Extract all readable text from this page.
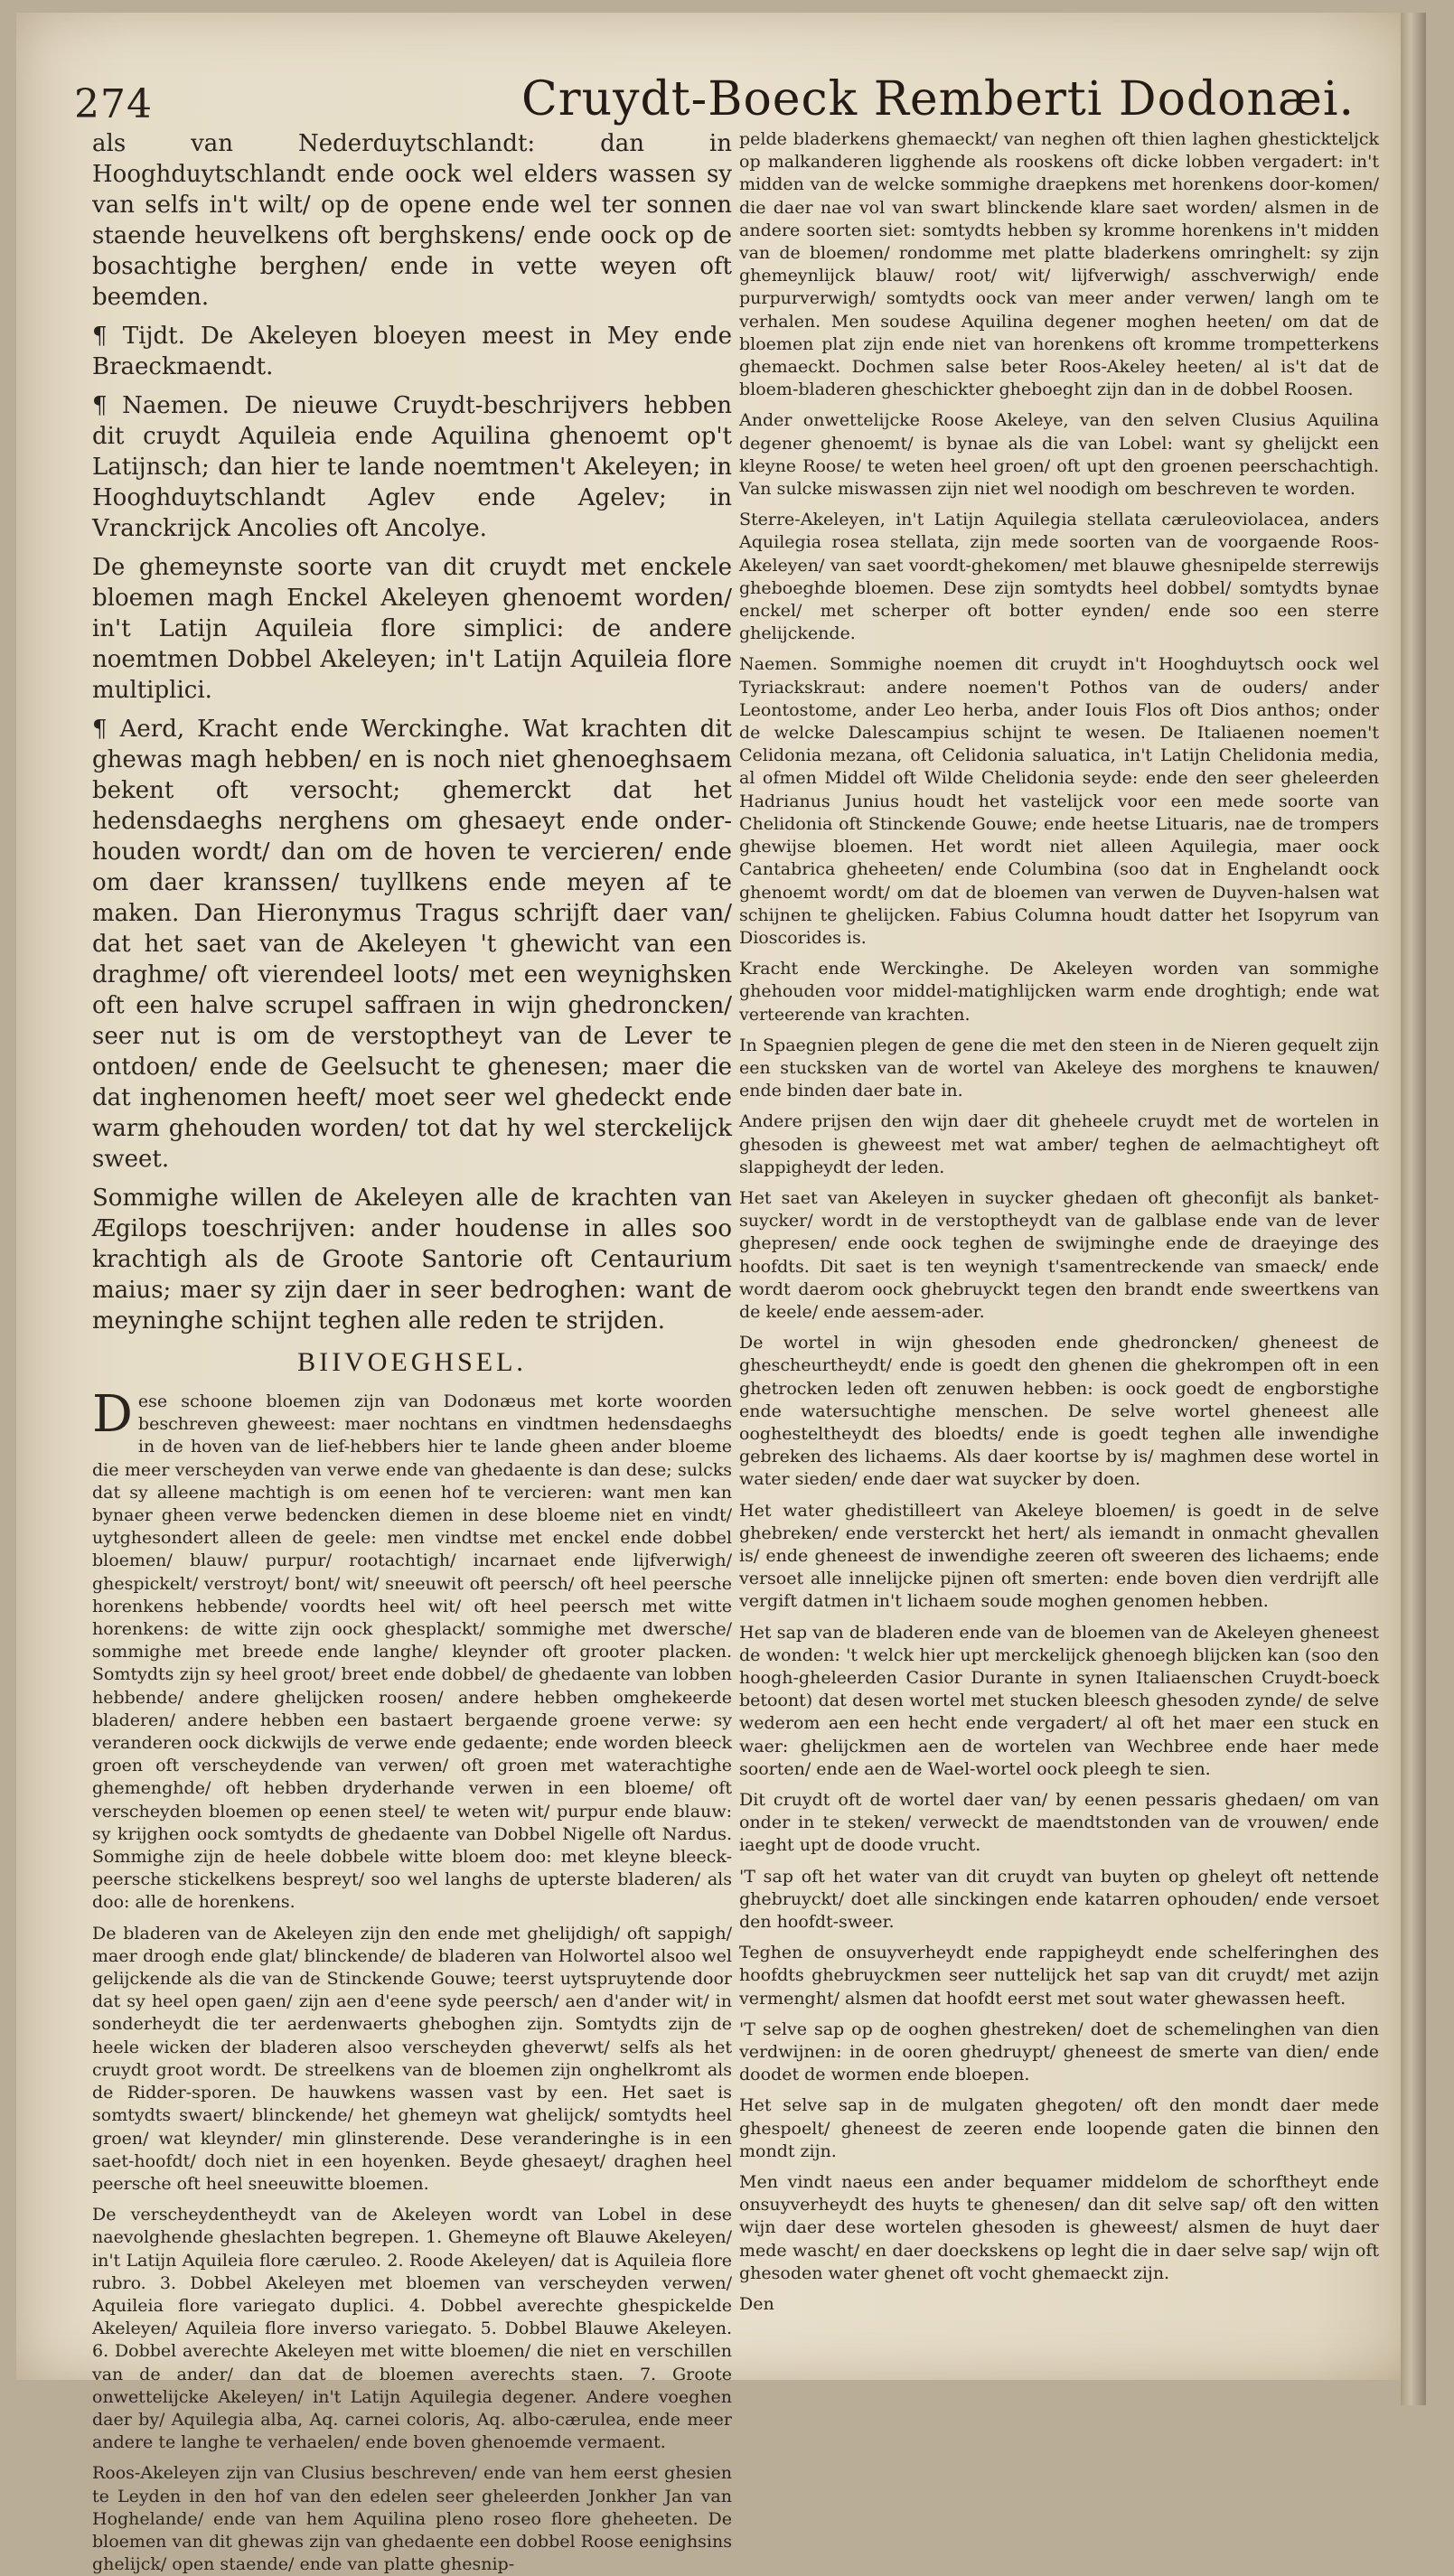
274	Cruydt-Boeck Remberti Dodonæi.

als van Nederduytschlandt: dan in Hooghduytschlandt ende oock wel elders wassen sy van selfs in't wilt/ op de opene ende wel ter sonnen staende heuvelkens oft berghskens/ ende oock op de bosachtighe berghen/ ende in vette weyen oft beemden.

¶ Tijdt. De Akeleyen bloeyen meest in Mey ende Braeckmaendt.

¶ Naemen. De nieuwe Cruydt-beschrijvers hebben dit cruydt Aquileia ende Aquilina ghenoemt op't Latijnsch; dan hier te lande noemtmen't Akeleyen; in Hooghduytschlandt Aglev ende Agelev; in Vranckrijck Ancolies oft Ancolye.

De ghemeynste soorte van dit cruydt met enckele bloemen magh Enckel Akeleyen ghenoemt worden/ in't Latijn Aquileia flore simplici: de andere noemtmen Dobbel Akeleyen; in't Latijn Aquileia flore multiplici.

¶ Aerd, Kracht ende Werckinghe. Wat krachten dit ghewas magh hebben/ en is noch niet ghenoeghsaem bekent oft versocht; ghemerckt dat het hedensdaeghs nerghens om ghesaeyt ende onder-houden wordt/ dan om de hoven te vercieren/ ende om daer kranssen/ tuyllkens ende meyen af te maken. Dan Hieronymus Tragus schrijft daer van/ dat het saet van de Akeleyen 't ghewicht van een draghme/ oft vierendeel loots/ met een weynighsken oft een halve scrupel saffraen in wijn ghedroncken/ seer nut is om de verstoptheyt van de Lever te ontdoen/ ende de Geelsucht te ghenesen; maer die dat inghenomen heeft/ moet seer wel ghedeckt ende warm ghehouden worden/ tot dat hy wel sterckelijck sweet.

Sommighe willen de Akeleyen alle de krachten van Ægilops toeschrijven: ander houdense in alles soo krachtigh als de Groote Santorie oft Centaurium maius; maer sy zijn daer in seer bedroghen: want de meyninghe schijnt teghen alle reden te strijden.

BIIVOEGHSEL.

Dese schoone bloemen zijn van Dodonæus met korte woorden beschreven gheweest: maer nochtans en vindtmen hedensdaeghs in de hoven van de lief-hebbers hier te lande gheen ander bloeme die meer verscheyden van verwe ende van ghedaente is dan dese; sulcks dat sy alleene machtigh is om eenen hof te vercieren: want men kan bynaer gheen verwe bedencken diemen in dese bloeme niet en vindt/ uytghesondert alleen de geele: men vindtse met enckel ende dobbel bloemen/ blauw/ purpur/ rootachtigh/ incarnaet ende lijfverwigh/ ghespickelt/ verstroyt/ bont/ wit/ sneeuwit oft peersch/ oft heel peersche horenkens hebbende/ voordts heel wit/ oft heel peersch met witte horenkens: de witte zijn oock ghesplackt/ sommighe met dwersche/ sommighe met breede ende langhe/ kleynder oft grooter placken. Somtydts zijn sy heel groot/ breet ende dobbel/ de ghedaente van lobben hebbende/ andere ghelijcken roosen/ andere hebben omghekeerde bladeren/ andere hebben een bastaert bergaende groene verwe: sy veranderen oock dickwijls de verwe ende gedaente; ende worden bleeck groen oft verscheydende van verwen/ oft groen met waterachtighe ghemenghde/ oft hebben dryderhande verwen in een bloeme/ oft verscheyden bloemen op eenen steel/ te weten wit/ purpur ende blauw: sy krijghen oock somtydts de ghedaente van Dobbel Nigelle oft Nardus. Sommighe zijn de heele dobbele witte bloem doo: met kleyne bleeck-peersche stickelkens bespreyt/ soo wel langhs de upterste bladeren/ als doo: alle de horenkens.

De bladeren van de Akeleyen zijn den ende met ghelijdigh/ oft sappigh/ maer droogh ende glat/ blinckende/ de bladeren van Holwortel alsoo wel gelijckende als die van de Stinckende Gouwe; teerst uytspruytende door dat sy heel open gaen/ zijn aen d'eene syde peersch/ aen d'ander wit/ in sonderheydt die ter aerdenwaerts gheboghen zijn. Somtydts zijn de heele wicken der bladeren alsoo verscheyden gheverwt/ selfs als het cruydt groot wordt. De streelkens van de bloemen zijn onghelkromt als de Ridder-sporen. De hauwkens wassen vast by een. Het saet is somtydts swaert/ blinckende/ het ghemeyn wat ghelijck/ somtydts heel groen/ wat kleynder/ min glinsterende. Dese veranderinghe is in een saet-hoofdt/ doch niet in een hoyenken. Beyde ghesaeyt/ draghen heel peersche oft heel sneeuwitte bloemen.

De verscheydentheydt van de Akeleyen wordt van Lobel in dese naevolghende gheslachten begrepen. 1. Ghemeyne oft Blauwe Akeleyen/ in't Latijn Aquileia flore cæruleo. 2. Roode Akeleyen/ dat is Aquileia flore rubro. 3. Dobbel Akeleyen met bloemen van verscheyden verwen/ Aquileia flore variegato duplici. 4. Dobbel averechte ghespickelde Akeleyen/ Aquileia flore inverso variegato. 5. Dobbel Blauwe Akeleyen. 6. Dobbel averechte Akeleyen met witte bloemen/ die niet en verschillen van de ander/ dan dat de bloemen averechts staen. 7. Groote onwettelijcke Akeleyen/ in't Latijn Aquilegia degener. Andere voeghen daer by/ Aquilegia alba, Aq. carnei coloris, Aq. albo-cærulea, ende meer andere te langhe te verhaelen/ ende boven ghenoemde vermaent.

Roos-Akeleyen zijn van Clusius beschreven/ ende van hem eerst ghesien te Leyden in den hof van den edelen seer gheleerden Jonkher Jan van Hoghelande/ ende van hem Aquilina pleno roseo flore gheheeten. De bloemen van dit ghewas zijn van ghedaente een dobbel Roose eenighsins ghelijck/ open staende/ ende van platte ghesnip-

pelde bladerkens ghemaeckt/ van neghen oft thien laghen ghestickteljck op malkanderen ligghende als rooskens oft dicke lobben vergadert: in't midden van de welcke sommighe draepkens met horenkens door-komen/ die daer nae vol van swart blinckende klare saet worden/ alsmen in de andere soorten siet: somtydts hebben sy kromme horenkens in't midden van de bloemen/ rondomme met platte bladerkens omringhelt: sy zijn ghemeynlijck blauw/ root/ wit/ lijfverwigh/ asschverwigh/ ende purpurverwigh/ somtydts oock van meer ander verwen/ langh om te verhalen. Men soudese Aquilina degener moghen heeten/ om dat de bloemen plat zijn ende niet van horenkens oft kromme trompetterkens ghemaeckt. Dochmen salse beter Roos-Akeley heeten/ al is't dat de bloem-bladeren gheschickter gheboeght zijn dan in de dobbel Roosen.

Ander onwettelijcke Roose Akeleye, van den selven Clusius Aquilina degener ghenoemt/ is bynae als die van Lobel: want sy ghelijckt een kleyne Roose/ te weten heel groen/ oft upt den groenen peerschachtigh. Van sulcke miswassen zijn niet wel noodigh om beschreven te worden.

Sterre-Akeleyen, in't Latijn Aquilegia stellata cæruleoviolacea, anders Aquilegia rosea stellata, zijn mede soorten van de voorgaende Roos-Akeleyen/ van saet voordt-ghekomen/ met blauwe ghesnipelde sterrewijs gheboeghde bloemen. Dese zijn somtydts heel dobbel/ somtydts bynae enckel/ met scherper oft botter eynden/ ende soo een sterre ghelijckende.

Naemen. Sommighe noemen dit cruydt in't Hooghduytsch oock wel Tyriackskraut: andere noemen't Pothos van de ouders/ ander Leontostome, ander Leo herba, ander Iouis Flos oft Dios anthos; onder de welcke Dalescampius schijnt te wesen. De Italiaenen noemen't Celidonia mezana, oft Celidonia saluatica, in't Latijn Chelidonia media, al ofmen Middel oft Wilde Chelidonia seyde: ende den seer gheleerden Hadrianus Junius houdt het vastelijck voor een mede soorte van Chelidonia oft Stinckende Gouwe; ende heetse Lituaris, nae de trompers ghewijse bloemen. Het wordt niet alleen Aquilegia, maer oock Cantabrica gheheeten/ ende Columbina (soo dat in Enghelandt oock ghenoemt wordt/ om dat de bloemen van verwen de Duyven-halsen wat schijnen te ghelijcken. Fabius Columna houdt datter het Isopyrum van Dioscorides is.

Kracht ende Werckinghe. De Akeleyen worden van sommighe ghehouden voor middel-matighlijcken warm ende droghtigh; ende wat verteerende van krachten.

In Spaegnien plegen de gene die met den steen in de Nieren gequelt zijn een stucksken van de wortel van Akeleye des morghens te knauwen/ ende binden daer bate in.

Andere prijsen den wijn daer dit gheheele cruydt met de wortelen in ghesoden is gheweest met wat amber/ teghen de aelmachtigheyt oft slappigheydt der leden.

Het saet van Akeleyen in suycker ghedaen oft gheconfijt als banket-suycker/ wordt in de verstoptheydt van de galblase ende van de lever ghepresen/ ende oock teghen de swijminghe ende de draeyinge des hoofdts. Dit saet is ten weynigh t'samentreckende van smaeck/ ende wordt daerom oock ghebruyckt tegen den brandt ende sweertkens van de keele/ ende aessem-ader.

De wortel in wijn ghesoden ende ghedroncken/ gheneest de ghescheurtheydt/ ende is goedt den ghenen die ghekrompen oft in een ghetrocken leden oft zenuwen hebben: is oock goedt de engborstighe ende watersuchtighe menschen. De selve wortel gheneest alle ooghesteltheydt des bloedts/ ende is goedt teghen alle inwendighe gebreken des lichaems. Als daer koortse by is/ maghmen dese wortel in water sieden/ ende daer wat suycker by doen.

Het water ghedistilleert van Akeleye bloemen/ is goedt in de selve ghebreken/ ende versterckt het hert/ als iemandt in onmacht ghevallen is/ ende gheneest de inwendighe zeeren oft sweeren des lichaems; ende versoet alle innelijcke pijnen oft smerten: ende boven dien verdrijft alle vergift datmen in't lichaem soude moghen genomen hebben.

Het sap van de bladeren ende van de bloemen van de Akeleyen gheneest de wonden: 't welck hier upt merckelijck ghenoegh blijcken kan (soo den hoogh-gheleerden Casior Durante in synen Italiaenschen Cruydt-boeck betoont) dat desen wortel met stucken bleesch ghesoden zynde/ de selve wederom aen een hecht ende vergadert/ al oft het maer een stuck en waer: ghelijckmen aen de wortelen van Wechbree ende haer mede soorten/ ende aen de Wael-wortel oock pleegh te sien.

Dit cruydt oft de wortel daer van/ by eenen pessaris ghedaen/ om van onder in te steken/ verweckt de maendtstonden van de vrouwen/ ende iaeght upt de doode vrucht.

'T sap oft het water van dit cruydt van buyten op gheleyt oft nettende ghebruyckt/ doet alle sinckingen ende katarren ophouden/ ende versoet den hoofdt-sweer.

Teghen de onsuyverheydt ende rappigheydt ende schelferinghen des hoofdts ghebruyckmen seer nuttelijck het sap van dit cruydt/ met azijn vermenght/ alsmen dat hoofdt eerst met sout water ghewassen heeft.

'T selve sap op de ooghen ghestreken/ doet de schemelinghen van dien verdwijnen: in de ooren ghedruypt/ gheneest de smerte van dien/ ende doodet de wormen ende bloepen.

Het selve sap in de mulgaten ghegoten/ oft den mondt daer mede ghespoelt/ gheneest de zeeren ende loopende gaten die binnen den mondt zijn.

Men vindt naeus een ander bequamer middelom de schorftheyt ende onsuyverheydt des huyts te ghenesen/ dan dit selve sap/ oft den witten wijn daer dese wortelen ghesoden is gheweest/ alsmen de huyt daer mede wascht/ en daer doeckskens op leght die in daer selve sap/ wijn oft ghesoden water ghenet oft vocht ghemaeckt zijn.

Den
